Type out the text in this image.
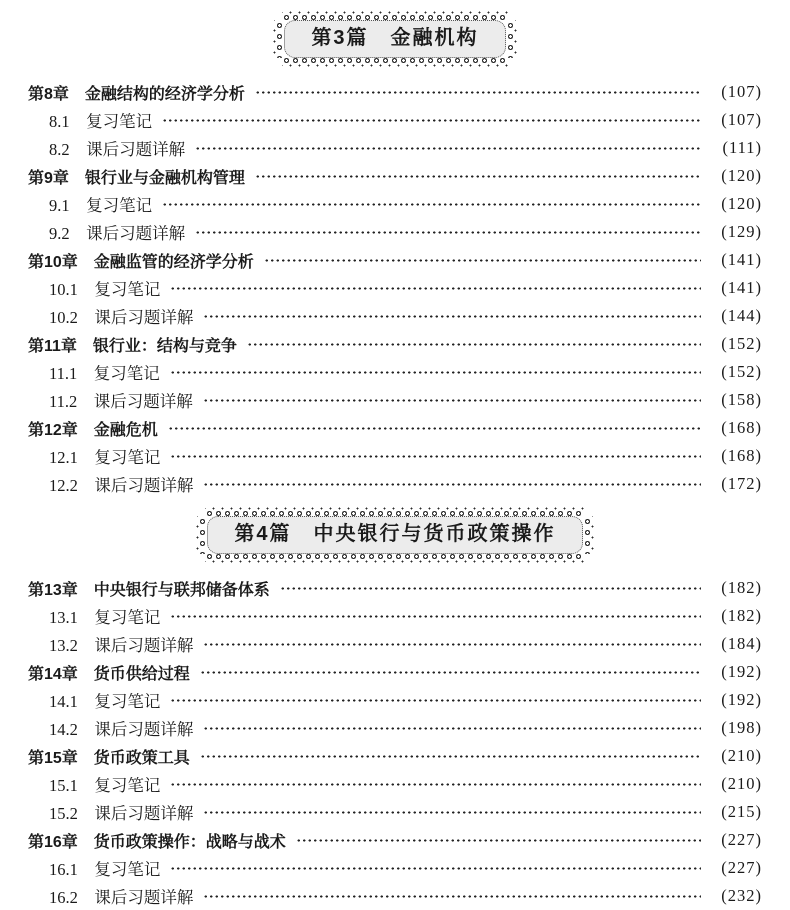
第3篇　金融机构
第8章　金融结构的经济学分析	(107)
8.1　复习笔记	(107)
8.2　课后习题详解	(111)
第9章　银行业与金融机构管理	(120)
9.1　复习笔记	(120)
9.2　课后习题详解	(129)
第10章　金融监管的经济学分析	(141)
10.1　复习笔记	(141)
10.2　课后习题详解	(144)
第11章　银行业：结构与竞争	(152)
11.1　复习笔记	(152)
11.2　课后习题详解	(158)
第12章　金融危机	(168)
12.1　复习笔记	(168)
12.2　课后习题详解	(172)
第4篇　中央银行与货币政策操作
第13章　中央银行与联邦储备体系	(182)
13.1　复习笔记	(182)
13.2　课后习题详解	(184)
第14章　货币供给过程	(192)
14.1　复习笔记	(192)
14.2　课后习题详解	(198)
第15章　货币政策工具	(210)
15.1　复习笔记	(210)
15.2　课后习题详解	(215)
第16章　货币政策操作：战略与战术	(227)
16.1　复习笔记	(227)
16.2　课后习题详解	(232)
